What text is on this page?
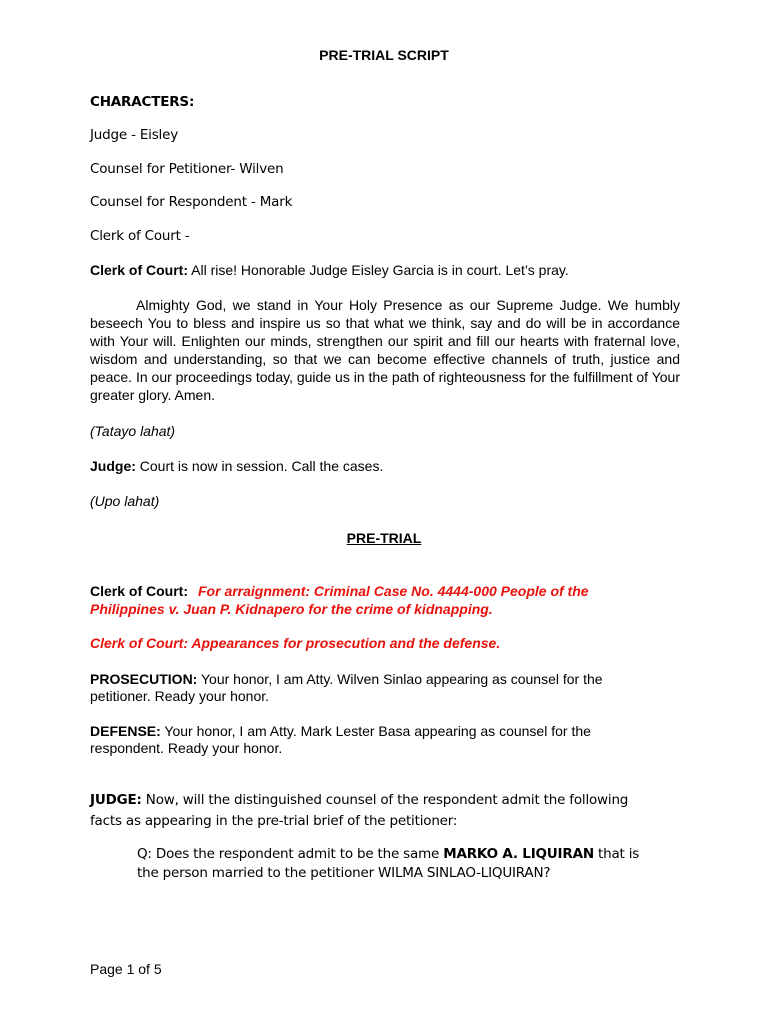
PRE-TRIAL SCRIPT
CHARACTERS:
Judge - Eisley
Counsel for Petitioner- Wilven
Counsel for Respondent - Mark
Clerk of Court -
Clerk of Court: All rise! Honorable Judge Eisley Garcia is in court. Let’s pray.
Almighty God, we stand in Your Holy Presence as our Supreme Judge. We humbly beseech You to bless and inspire us so that what we think, say and do will be in accordance with Your will. Enlighten our minds, strengthen our spirit and fill our hearts with fraternal love, wisdom and understanding, so that we can become effective channels of truth, justice and peace. In our proceedings today, guide us in the path of righteousness for the fulfillment of Your greater glory. Amen.
(Tatayo lahat)
Judge: Court is now in session. Call the cases.
(Upo lahat)
PRE-TRIAL
Clerk of Court: For arraignment: Criminal Case No. 4444-000 People of the
Philippines v. Juan P. Kidnapero for the crime of kidnapping.
Clerk of Court: Appearances for prosecution and the defense.
PROSECUTION: Your honor, I am Atty. Wilven Sinlao appearing as counsel for the
petitioner. Ready your honor.
DEFENSE: Your honor, I am Atty. Mark Lester Basa appearing as counsel for the
respondent. Ready your honor.
JUDGE: Now, will the distinguished counsel of the respondent admit the following
facts as appearing in the pre-trial brief of the petitioner:
Q: Does the respondent admit to be the same MARKO A. LIQUIRAN that is
the person married to the petitioner WILMA SINLAO-LIQUIRAN?
Page 1 of 5
